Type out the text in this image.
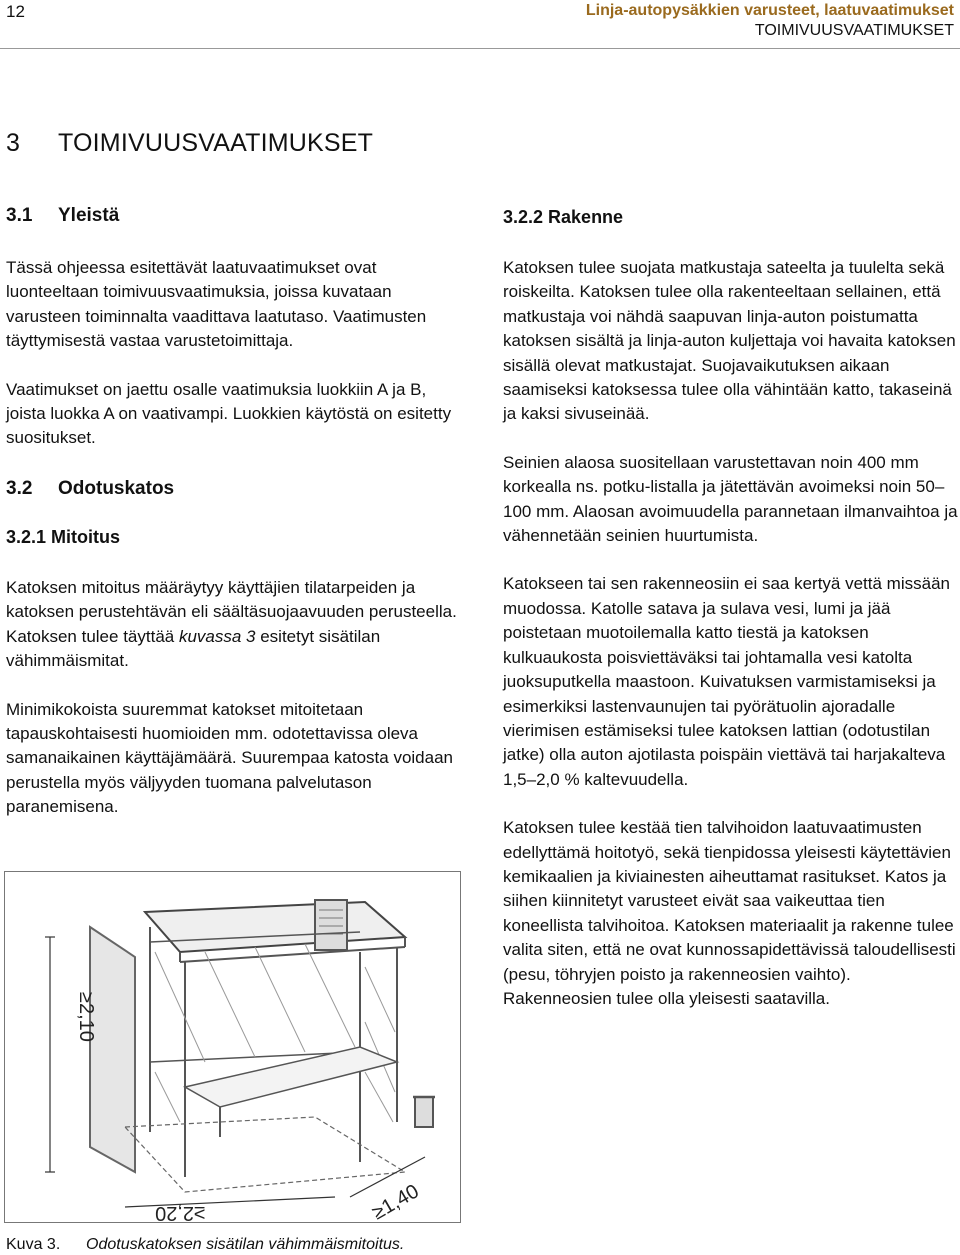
12	Linja-autopysäkkien varusteet, laatuvaatimukset
TOIMIVUUSVAATIMUKSET
3 TOIMIVUUSVAATIMUKSET
3.1 Yleistä

Tässä ohjeessa esitettävät laatuvaatimukset ovat luonteeltaan toimivuusvaatimuksia, joissa kuvataan varusteen toiminnalta vaadittava laatutaso. Vaatimusten täyttymisestä vastaa varustetoimittaja.

Vaatimukset on jaettu osalle vaatimuksia luokkiin A ja B, joista luokka A on vaativampi. Luokkien käytöstä on esitetty suositukset.

3.2 Odotuskatos
3.2.1 Mitoitus

Katoksen mitoitus määräytyy käyttäjien tilatarpeiden ja katoksen perustehtävän eli säältäsuojaavuuden perusteella. Katoksen tulee täyttää kuvassa 3 esitetyt sisätilan vähimmäismitat.

Minimikokoista suuremmat katokset mitoitetaan tapauskohtaisesti huomioiden mm. odotettavissa oleva samanaikainen käyttäjämäärä. Suurempaa katosta voidaan perustella myös väljyyden tuomana palvelutason paranemisena.

≥2,10
≥2,20	≥1,40
Kuva 3. Odotuskatoksen sisätilan vähimmäismitoitus.
3.2.2 Rakenne

Katoksen tulee suojata matkustaja sateelta ja tuulelta sekä roiskeilta. Katoksen tulee olla rakenteeltaan sellainen, että matkustaja voi nähdä saapuvan linja-auton poistumatta katoksen sisältä ja linja-auton kuljettaja voi havaita katoksen sisällä olevat matkustajat. Suojavaikutuksen aikaan saamiseksi katoksessa tulee olla vähintään katto, takaseinä ja kaksi sivuseinää.

Seinien alaosa suositellaan varustettavan noin 400 mm korkealla ns. potku-listalla ja jätettävän avoimeksi noin 50–100 mm. Alaosan avoimuudella parannetaan ilmanvaihtoa ja vähennetään seinien huurtumista.

Katokseen tai sen rakenneosiin ei saa kertyä vettä missään muodossa. Katolle satava ja sulava vesi, lumi ja jää poistetaan muotoilemalla katto tiestä ja katoksen kulkuaukosta poisviettäväksi tai johtamalla vesi katolta juoksuputkella maastoon. Kuivatuksen varmistamiseksi ja esimerkiksi lastenvaunujen tai pyörätuolin ajoradalle vierimisen estämiseksi tulee katoksen lattian (odotustilan jatke) olla auton ajotilasta poispäin viettävä tai harjakalteva 1,5–2,0 % kaltevuudella.

Katoksen tulee kestää tien talvihoidon laatuvaatimusten edellyttämä hoitotyö, sekä tienpidossa yleisesti käytettävien kemikaalien ja kiviainesten aiheuttamat rasitukset. Katos ja siihen kiinnitetyt varusteet eivät saa vaikeuttaa tien koneellista talvihoitoa. Katoksen materiaalit ja rakenne tulee valita siten, että ne ovat kunnossapidettävissä taloudellisesti (pesu, töhryjen poisto ja rakenneosien vaihto). Rakenneosien tulee olla yleisesti saatavilla.
